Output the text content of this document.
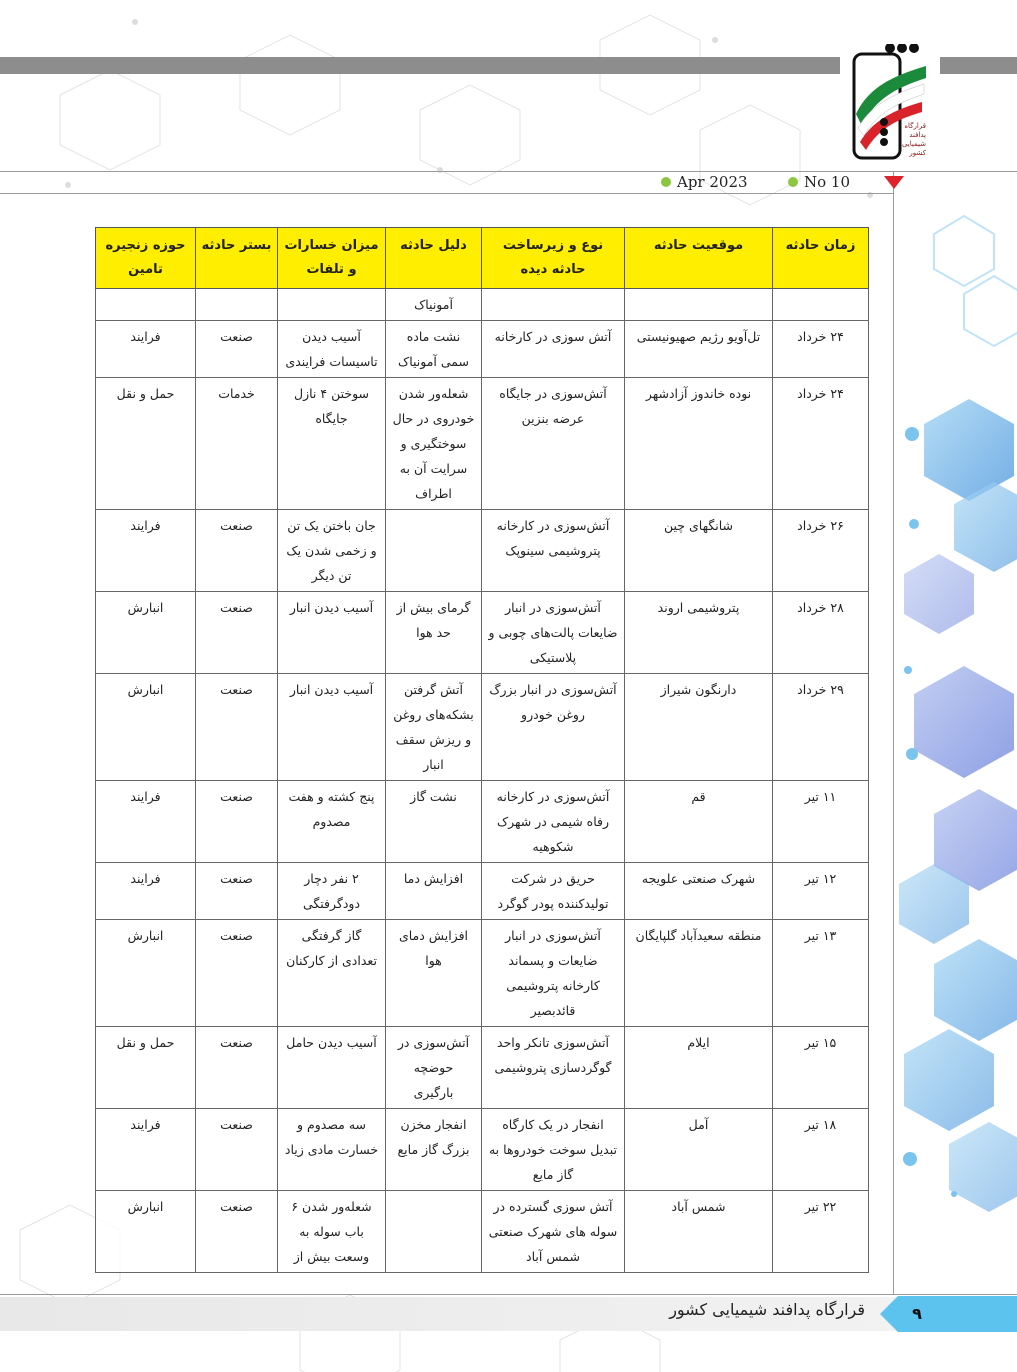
قرارگاه
پدافند
شیمیایی
کشور
Apr 2023	No 10
زمان حادثه	موقعیت حادثه	نوع و زیرساخت حادثه دیده	دلیل حادثه	میزان خسارات و تلفات	بستر حادثه	حوزه زنجیره تامین
			آمونیاک			
۲۴ خرداد	تل‌آویو رژیم صهیونیستی	آتش سوزی در کارخانه	نشت ماده سمی آمونیاک	آسیب دیدن تاسیسات فرایندی	صنعت	فرایند
۲۴ خرداد	نوده خاندوز آزادشهر	آتش‌سوزی در جایگاه عرضه بنزین	شعله‌ور شدن خودروی در حال سوختگیری و سرایت آن به اطراف	سوختن ۴ نازل جایگاه	خدمات	حمل و نقل
۲۶ خرداد	شانگهای چین	آتش‌سوزی در کارخانه پتروشیمی سینوپک		جان باختن یک تن و زخمی شدن یک تن دیگر	صنعت	فرایند
۲۸ خرداد	پتروشیمی اروند	آتش‌سوزی در انبار ضایعات پالت‌های چوبی و پلاستیکی	گرمای بیش از حد هوا	آسیب دیدن انبار	صنعت	انبارش
۲۹ خرداد	دارنگون شیراز	آتش‌سوزی در انبار بزرگ روغن خودرو	آتش گرفتن بشکه‌های روغن و ریزش سقف انبار	آسیب دیدن انبار	صنعت	انبارش
۱۱ تیر	قم	آتش‌سوزی در کارخانه رفاه شیمی در شهرک شکوهیه	نشت گاز	پنج کشته و هفت مصدوم	صنعت	فرایند
۱۲ تیر	شهرک صنعتی علویجه	حریق در شرکت تولیدکننده پودر گوگرد	افزایش دما	۲ نفر دچار دودگرفتگی	صنعت	فرایند
۱۳ تیر	منطقه سعیدآباد گلپایگان	آتش‌سوزی در انبار ضایعات و پسماند کارخانه پتروشیمی قائدبصیر	افزایش دمای هوا	گاز گرفتگی تعدادی از کارکنان	صنعت	انبارش
۱۵ تیر	ایلام	آتش‌سوزی تانکر واحد گوگردسازی پتروشیمی	آتش‌سوزی در حوضچه بارگیری	آسیب دیدن حامل	صنعت	حمل و نقل
۱۸ تیر	آمل	انفجار در یک کارگاه تبدیل سوخت خودروها به گاز مایع	انفجار مخزن بزرگ گاز مایع	سه مصدوم و خسارت مادی زیاد	صنعت	فرایند
۲۲ تیر	شمس آباد	آتش سوزی گسترده در سوله های شهرک صنعتی شمس آباد		شعله‌ور شدن ۶ باب سوله به وسعت بیش از	صنعت	انبارش
قرارگاه پدافند شیمیایی کشور	۹
